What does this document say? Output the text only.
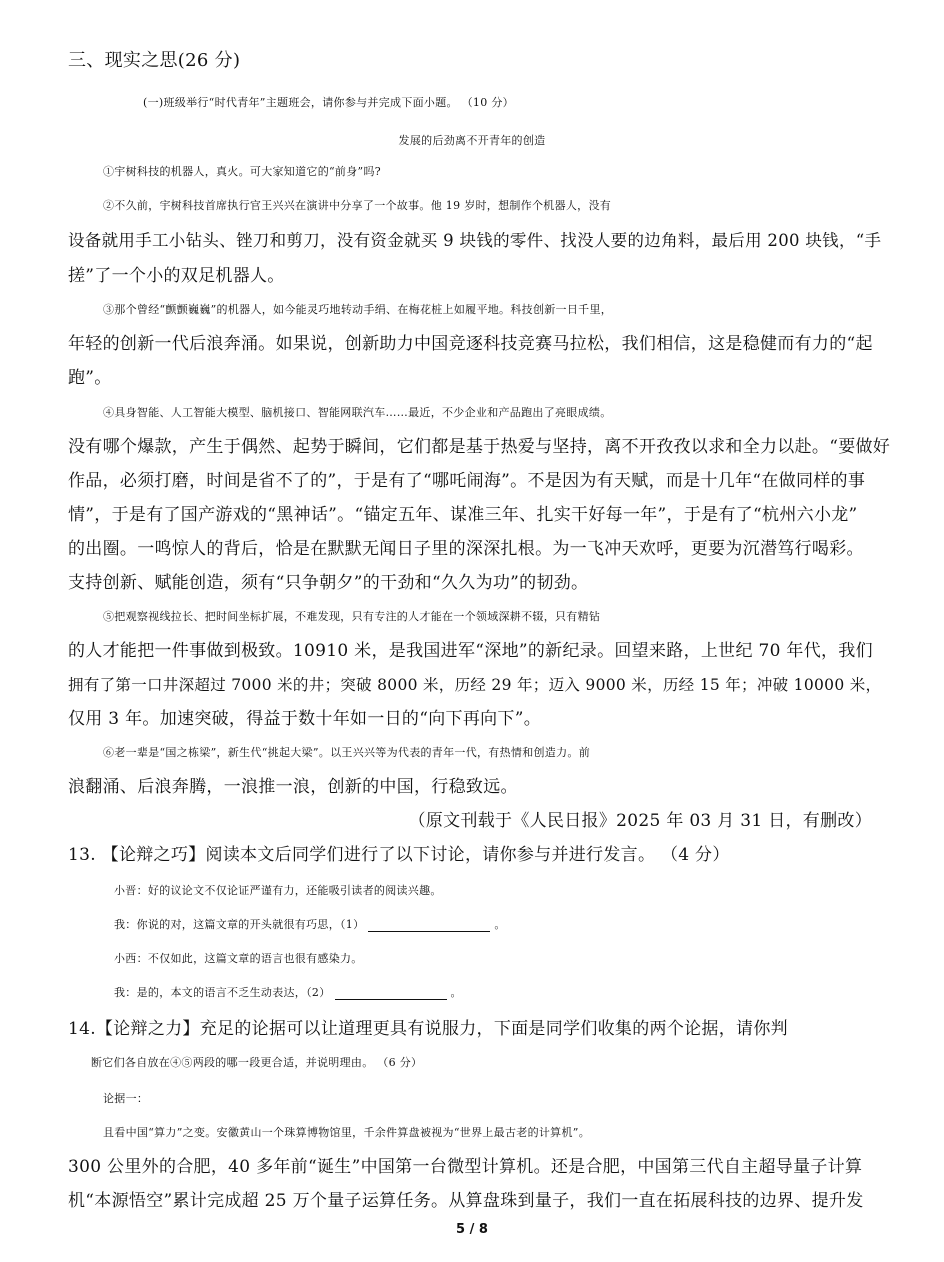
三、现实之思(26 分)
(一)班级举行“时代青年”主题班会，请你参与并完成下面小题。 （10 分）
发展的后劲离不开青年的创造
①宇树科技的机器人，真火。可大家知道它的“前身”吗?
②不久前，宇树科技首席执行官王兴兴在演讲中分享了一个故事。他 19 岁时，想制作个机器人，没有
设备就用手工小钻头、锉刀和剪刀，没有资金就买 9 块钱的零件、找没人要的边角料，最后用 200 块钱，“手
搓”了一个小的双足机器人。
③那个曾经“颤颤巍巍”的机器人，如今能灵巧地转动手绢、在梅花桩上如履平地。科技创新一日千里，
年轻的创新一代后浪奔涌。如果说，创新助力中国竞逐科技竞赛马拉松，我们相信，这是稳健而有力的“起
跑”。
④具身智能、人工智能大模型、脑机接口、智能网联汽车……最近，不少企业和产品跑出了亮眼成绩。
没有哪个爆款，产生于偶然、起势于瞬间，它们都是基于热爱与坚持，离不开孜孜以求和全力以赴。“要做好
作品，必须打磨，时间是省不了的”，于是有了“哪吒闹海”。不是因为有天赋，而是十几年“在做同样的事
情”，于是有了国产游戏的“黑神话”。“锚定五年、谋准三年、扎实干好每一年”，于是有了“杭州六小龙”
的出圈。一鸣惊人的背后，恰是在默默无闻日子里的深深扎根。为一飞冲天欢呼，更要为沉潜笃行喝彩。
支持创新、赋能创造，须有“只争朝夕”的干劲和“久久为功”的韧劲。
⑤把观察视线拉长、把时间坐标扩展，不难发现，只有专注的人才能在一个领域深耕不辍，只有精钻
的人才能把一件事做到极致。10910 米，是我国进军“深地”的新纪录。回望来路，上世纪 70 年代，我们
拥有了第一口井深超过 7000 米的井；突破 8000 米，历经 29 年；迈入 9000 米，历经 15 年；冲破 10000 米，
仅用 3 年。加速突破，得益于数十年如一日的“向下再向下”。
⑥老一辈是“国之栋梁”，新生代“挑起大梁”。以王兴兴等为代表的青年一代，有热情和创造力。前
浪翻涌、后浪奔腾，一浪推一浪，创新的中国，行稳致远。
（原文刊载于《人民日报》2025 年 03 月 31 日，有删改）
13. 【论辩之巧】阅读本文后同学们进行了以下讨论，请你参与并进行发言。 （4 分）
小晋：好的议论文不仅论证严谨有力，还能吸引读者的阅读兴趣。
我：你说的对，这篇文章的开头就很有巧思，（1）	。
小西：不仅如此，这篇文章的语言也很有感染力。
我：是的，本文的语言不乏生动表达，（2）	。
14.【论辩之力】充足的论据可以让道理更具有说服力，下面是同学们收集的两个论据，请你判
断它们各自放在④⑤两段的哪一段更合适，并说明理由。 （6 分）
论据一：
且看中国“算力”之变。安徽黄山一个珠算博物馆里，千余件算盘被视为“世界上最古老的计算机”。
300 公里外的合肥，40 多年前“诞生”中国第一台微型计算机。还是合肥，中国第三代自主超导量子计算
机“本源悟空”累计完成超 25 万个量子运算任务。从算盘珠到量子，我们一直在拓展科技的边界、提升发
5 / 8
